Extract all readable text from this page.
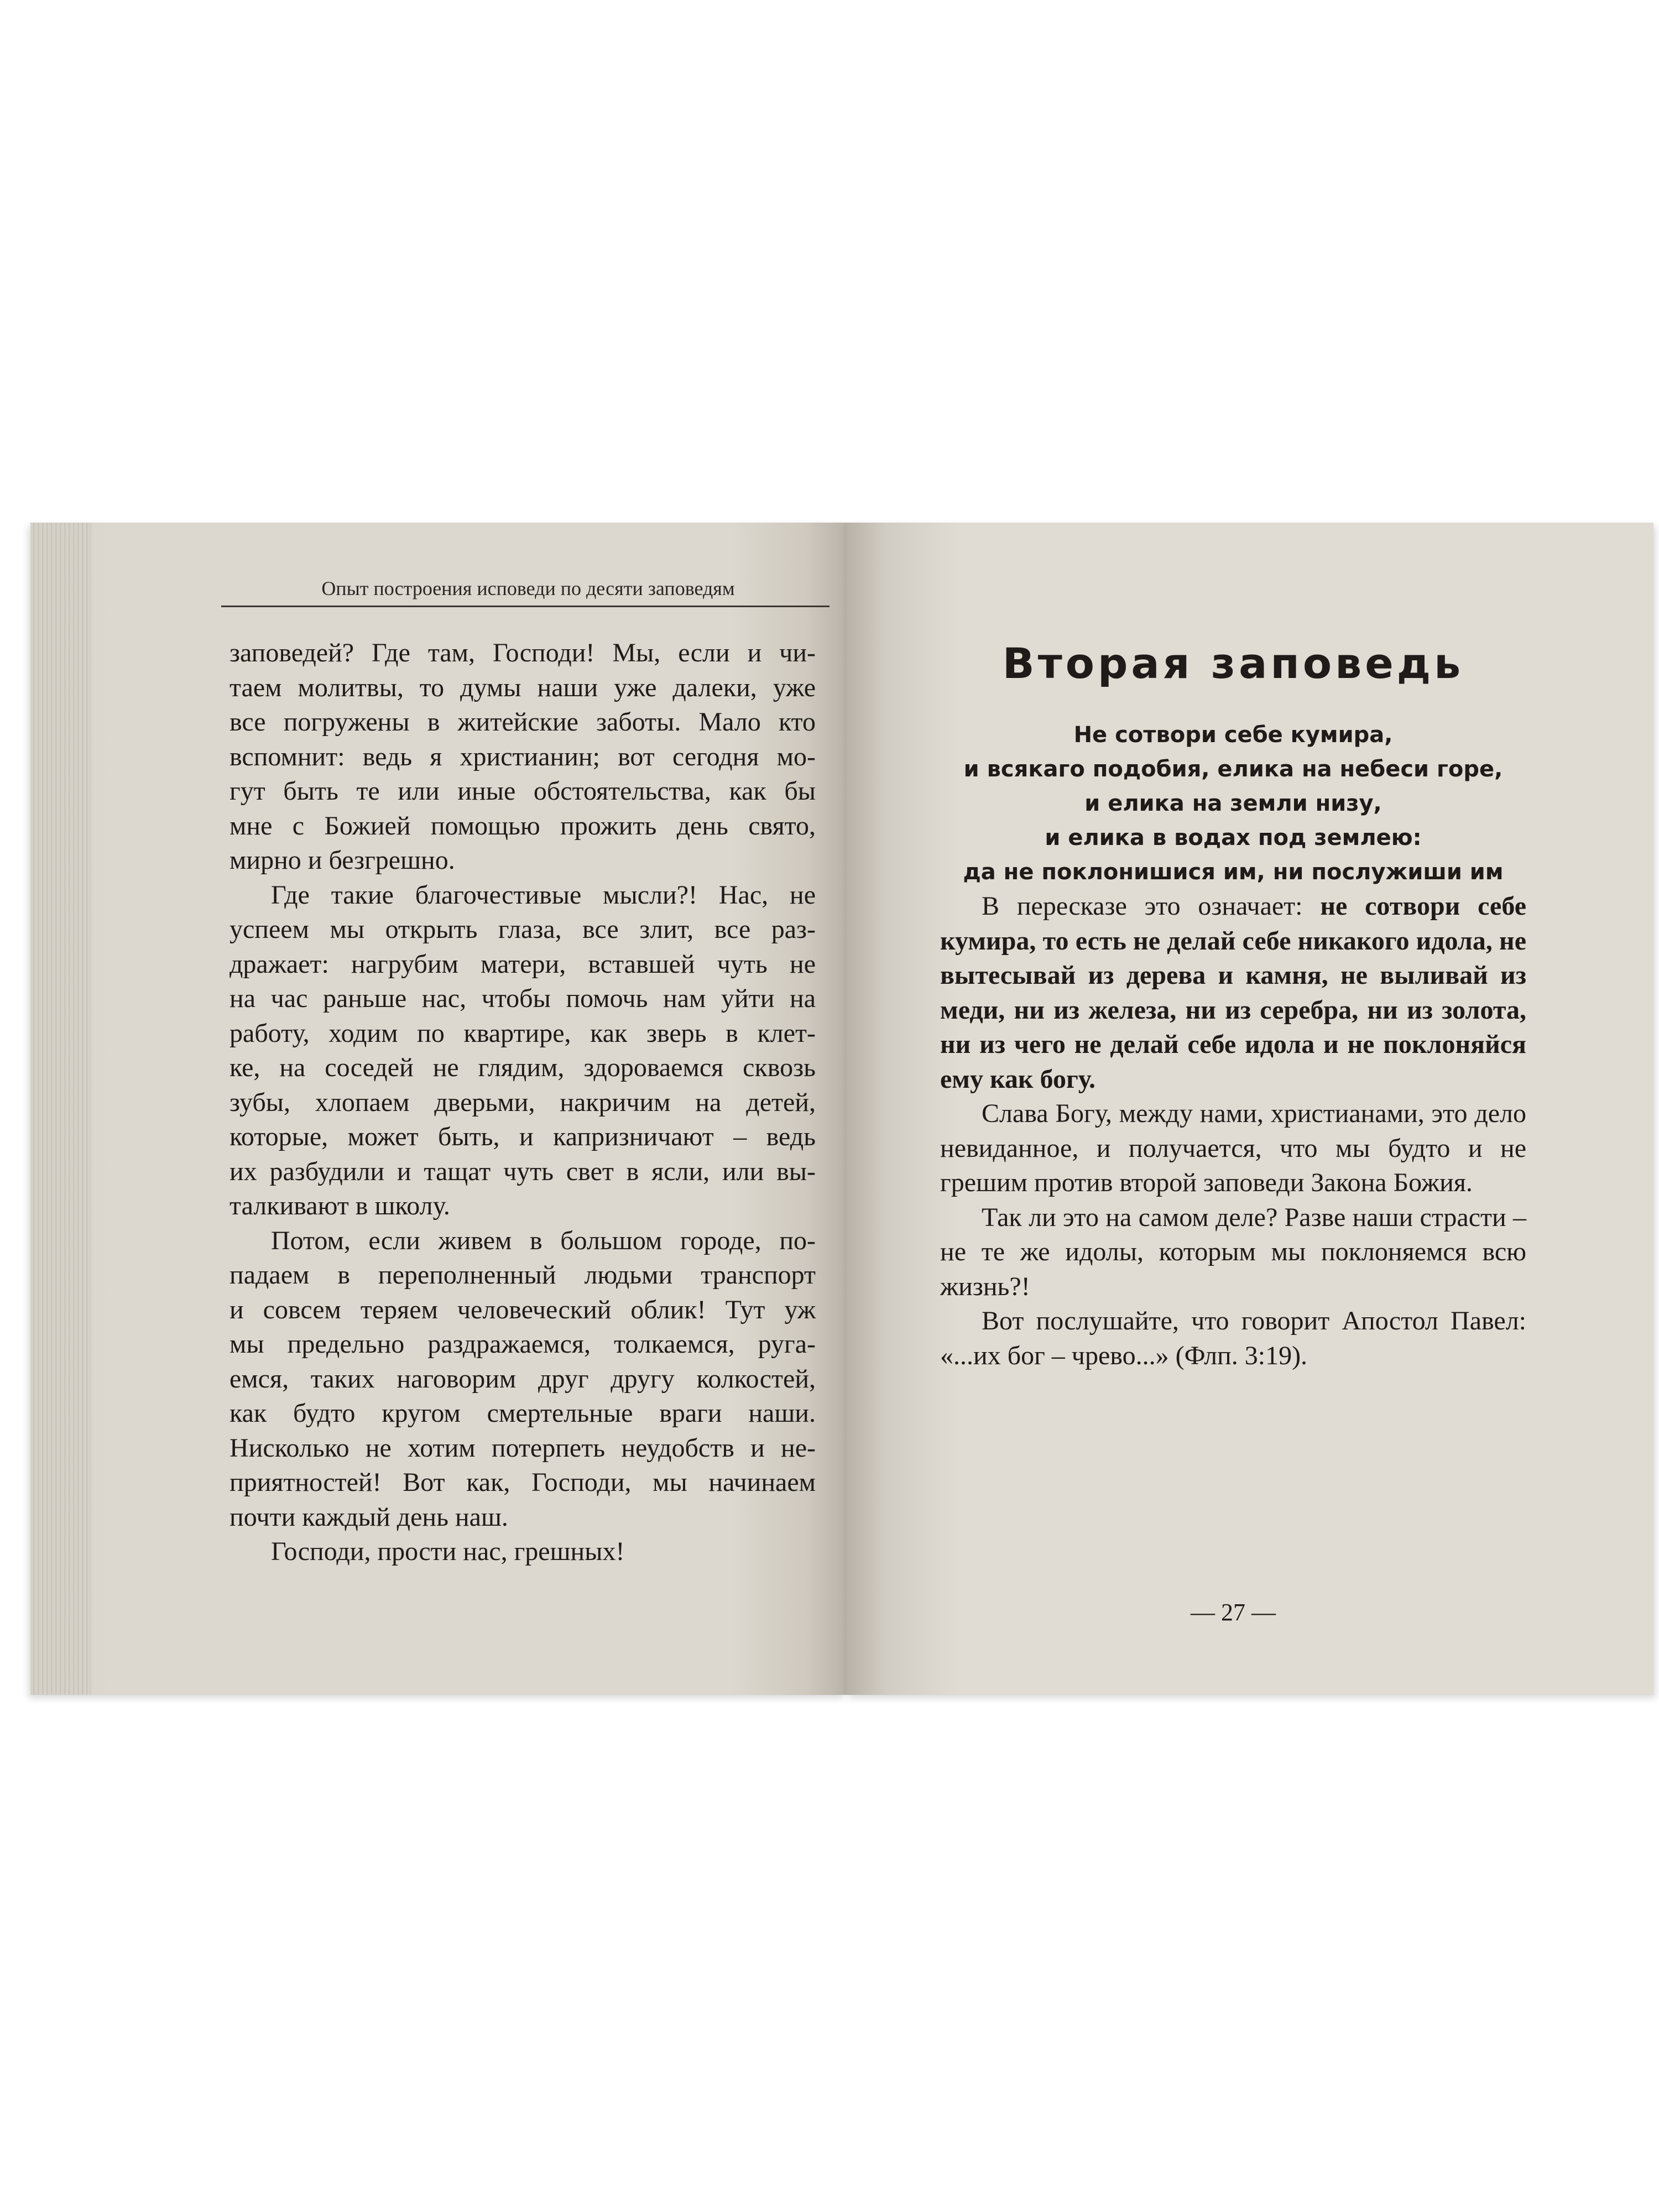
Опыт построения исповеди по десяти заповедям

заповедей? Где там, Господи! Мы, если и чи-

таем молитвы, то думы наши уже далеки, уже

все погружены в житейские заботы. Мало кто

вспомнит: ведь я христианин; вот сегодня мо-

гут быть те или иные обстоятельства, как бы

мне с Божией помощью прожить день свято,

мирно и безгрешно.

Где такие благочестивые мысли?! Нас, не

успеем мы открыть глаза, все злит, все раз-

дражает: нагрубим матери, вставшей чуть не

на час раньше нас, чтобы помочь нам уйти на

работу, ходим по квартире, как зверь в клет-

ке, на соседей не глядим, здороваемся сквозь

зубы, хлопаем дверьми, накричим на детей,

которые, может быть, и капризничают – ведь

их разбудили и тащат чуть свет в ясли, или вы-

талкивают в школу.

Потом, если живем в большом городе, по-

падаем в переполненный людьми транспорт

и совсем теряем человеческий облик! Тут уж

мы предельно раздражаемся, толкаемся, руга-

емся, таких наговорим друг другу колкостей,

как будто кругом смертельные враги наши.

Нисколько не хотим потерпеть неудобств и не-

приятностей! Вот как, Господи, мы начинаем

почти каждый день наш.

Господи, прости нас, грешных!

Вторая заповедь
Не сотвори себе кумира,
и всякаго подобия, елика на небеси горе,
и елика на земли низу,
и елика в водах под землею:
да не поклонишися им, ни послужиши им

В пересказе это означает: не сотвори себе кумира, то есть не делай себе никакого идола, не вытесывай из дерева и камня, не выливай из меди, ни из железа, ни из серебра, ни из золота, ни из чего не делай себе идола и не поклоняйся ему как богу.

Слава Богу, между нами, христианами, это дело невиданное, и получается, что мы будто и не грешим против второй заповеди Закона Божия.

Так ли это на самом деле? Разве наши страсти – не те же идолы, которым мы поклоняемся всю жизнь?!

Вот послушайте, что говорит Апостол Павел: «...их бог – чрево...» (Флп. 3:19).

— 27 —
